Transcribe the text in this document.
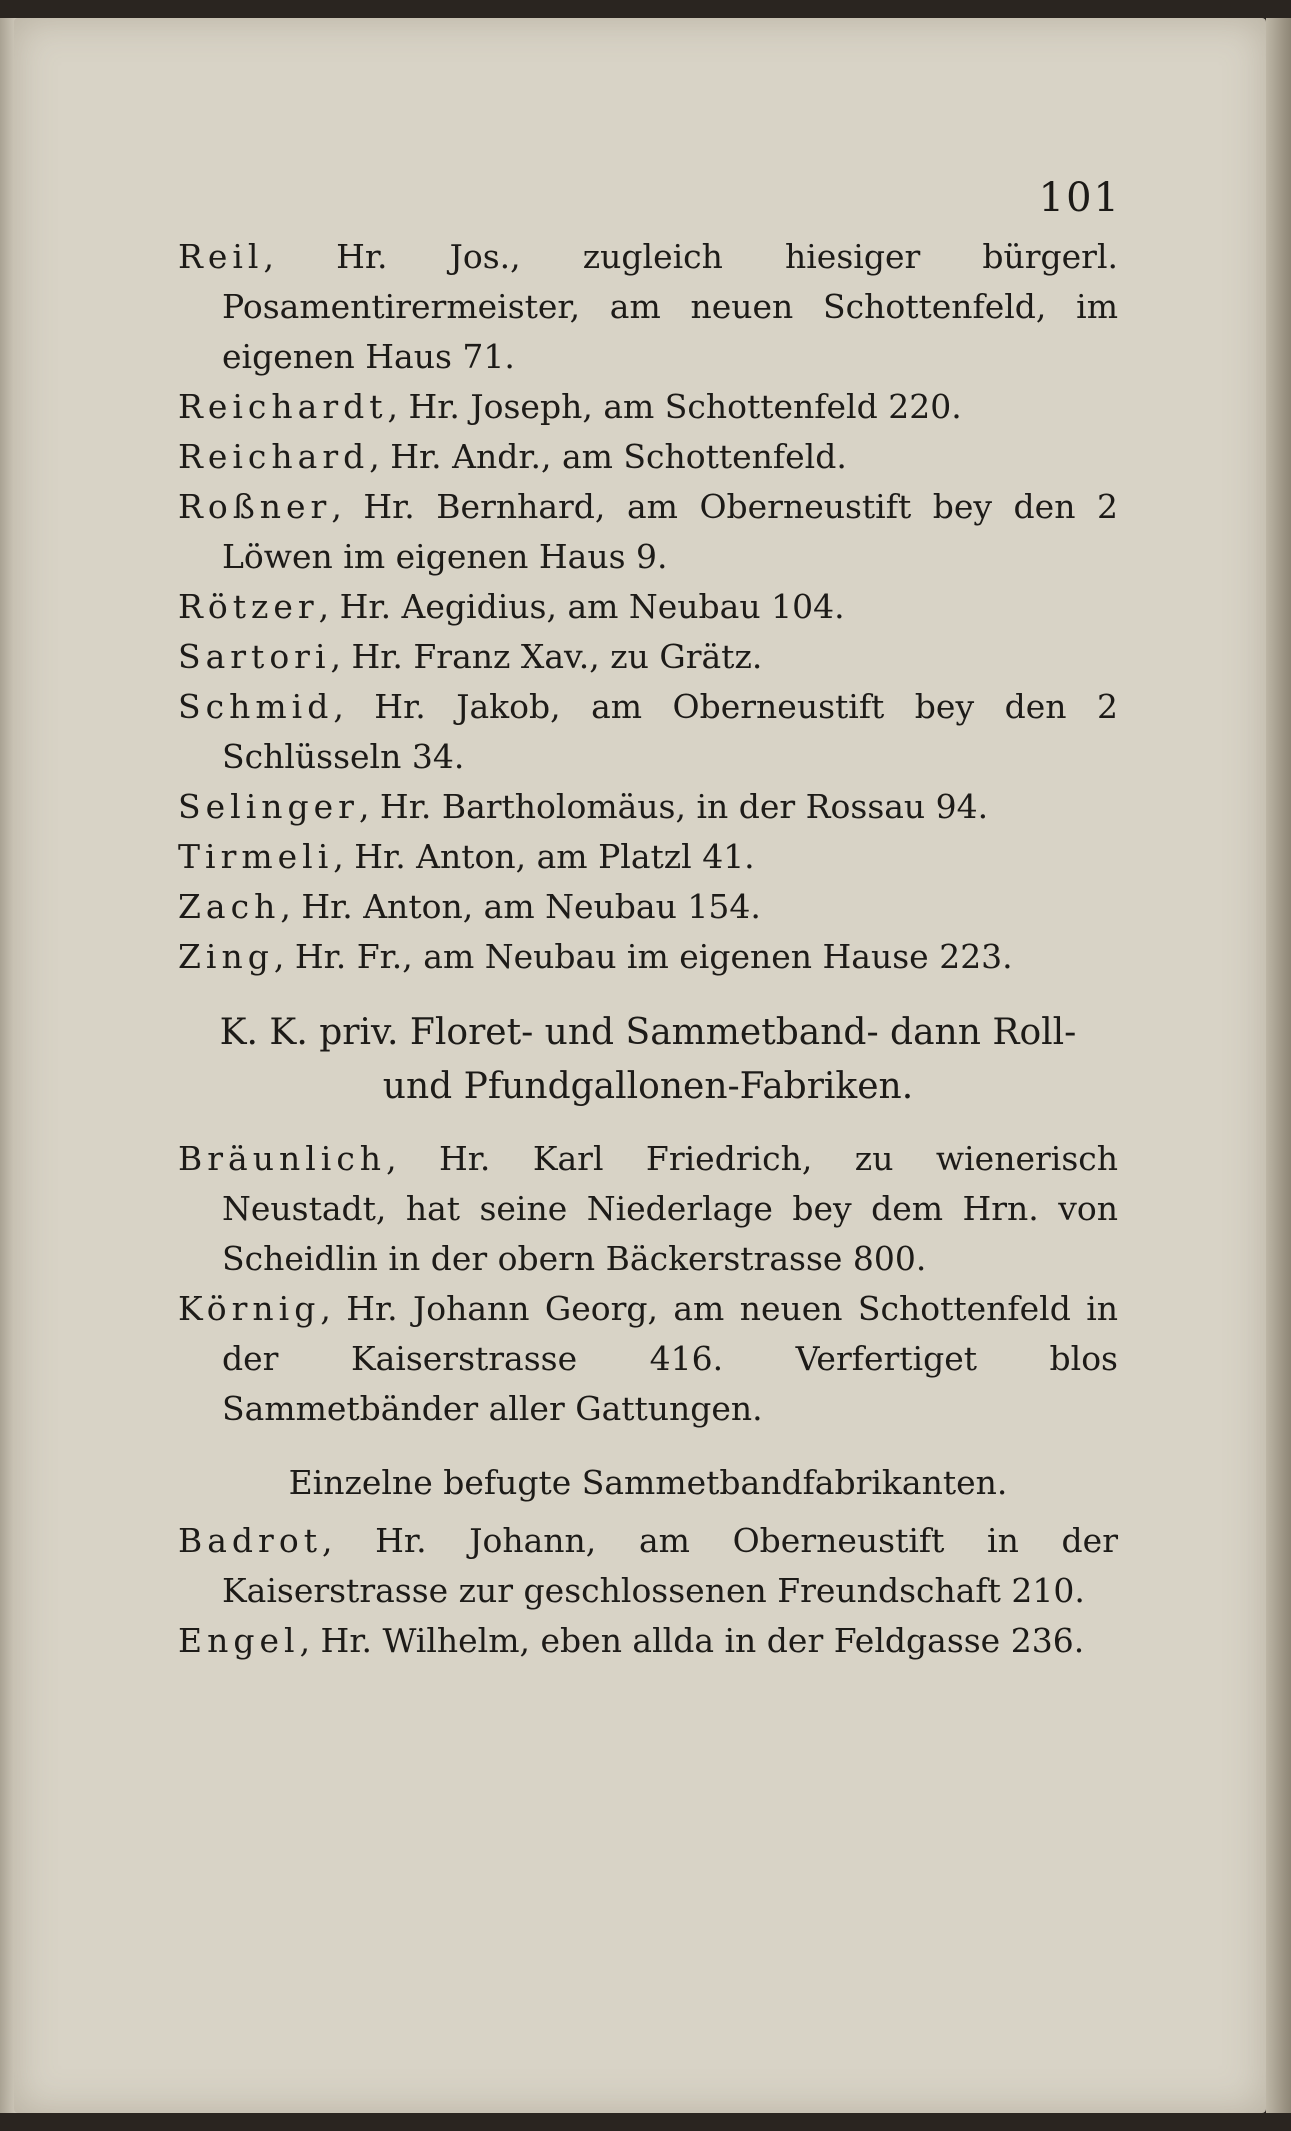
101

Reil, Hr. Jos., zugleich hiesiger bürgerl. Posamentirermeister, am neuen Schottenfeld, im eigenen Haus 71.

Reichardt, Hr. Joseph, am Schottenfeld 220.

Reichard, Hr. Andr., am Schottenfeld.

Roßner, Hr. Bernhard, am Oberneustift bey den 2 Löwen im eigenen Haus 9.

Rötzer, Hr. Aegidius, am Neubau 104.

Sartori, Hr. Franz Xav., zu Grätz.

Schmid, Hr. Jakob, am Oberneustift bey den 2 Schlüsseln 34.

Selinger, Hr. Bartholomäus, in der Rossau 94.

Tirmeli, Hr. Anton, am Platzl 41.

Zach, Hr. Anton, am Neubau 154.

Zing, Hr. Fr., am Neubau im eigenen Hause 223.

K. K. priv. Floret- und Sammetband- dann Roll- und Pfundgallonen-Fabriken.

Bräunlich, Hr. Karl Friedrich, zu wienerisch Neustadt, hat seine Niederlage bey dem Hrn. von Scheidlin in der obern Bäckerstrasse 800.

Körnig, Hr. Johann Georg, am neuen Schottenfeld in der Kaiserstrasse 416. Verfertiget blos Sammetbänder aller Gattungen.

Einzelne befugte Sammetbandfabrikanten.

Badrot, Hr. Johann, am Oberneustift in der Kaiserstrasse zur geschlossenen Freundschaft 210.

Engel, Hr. Wilhelm, eben allda in der Feldgasse 236.
